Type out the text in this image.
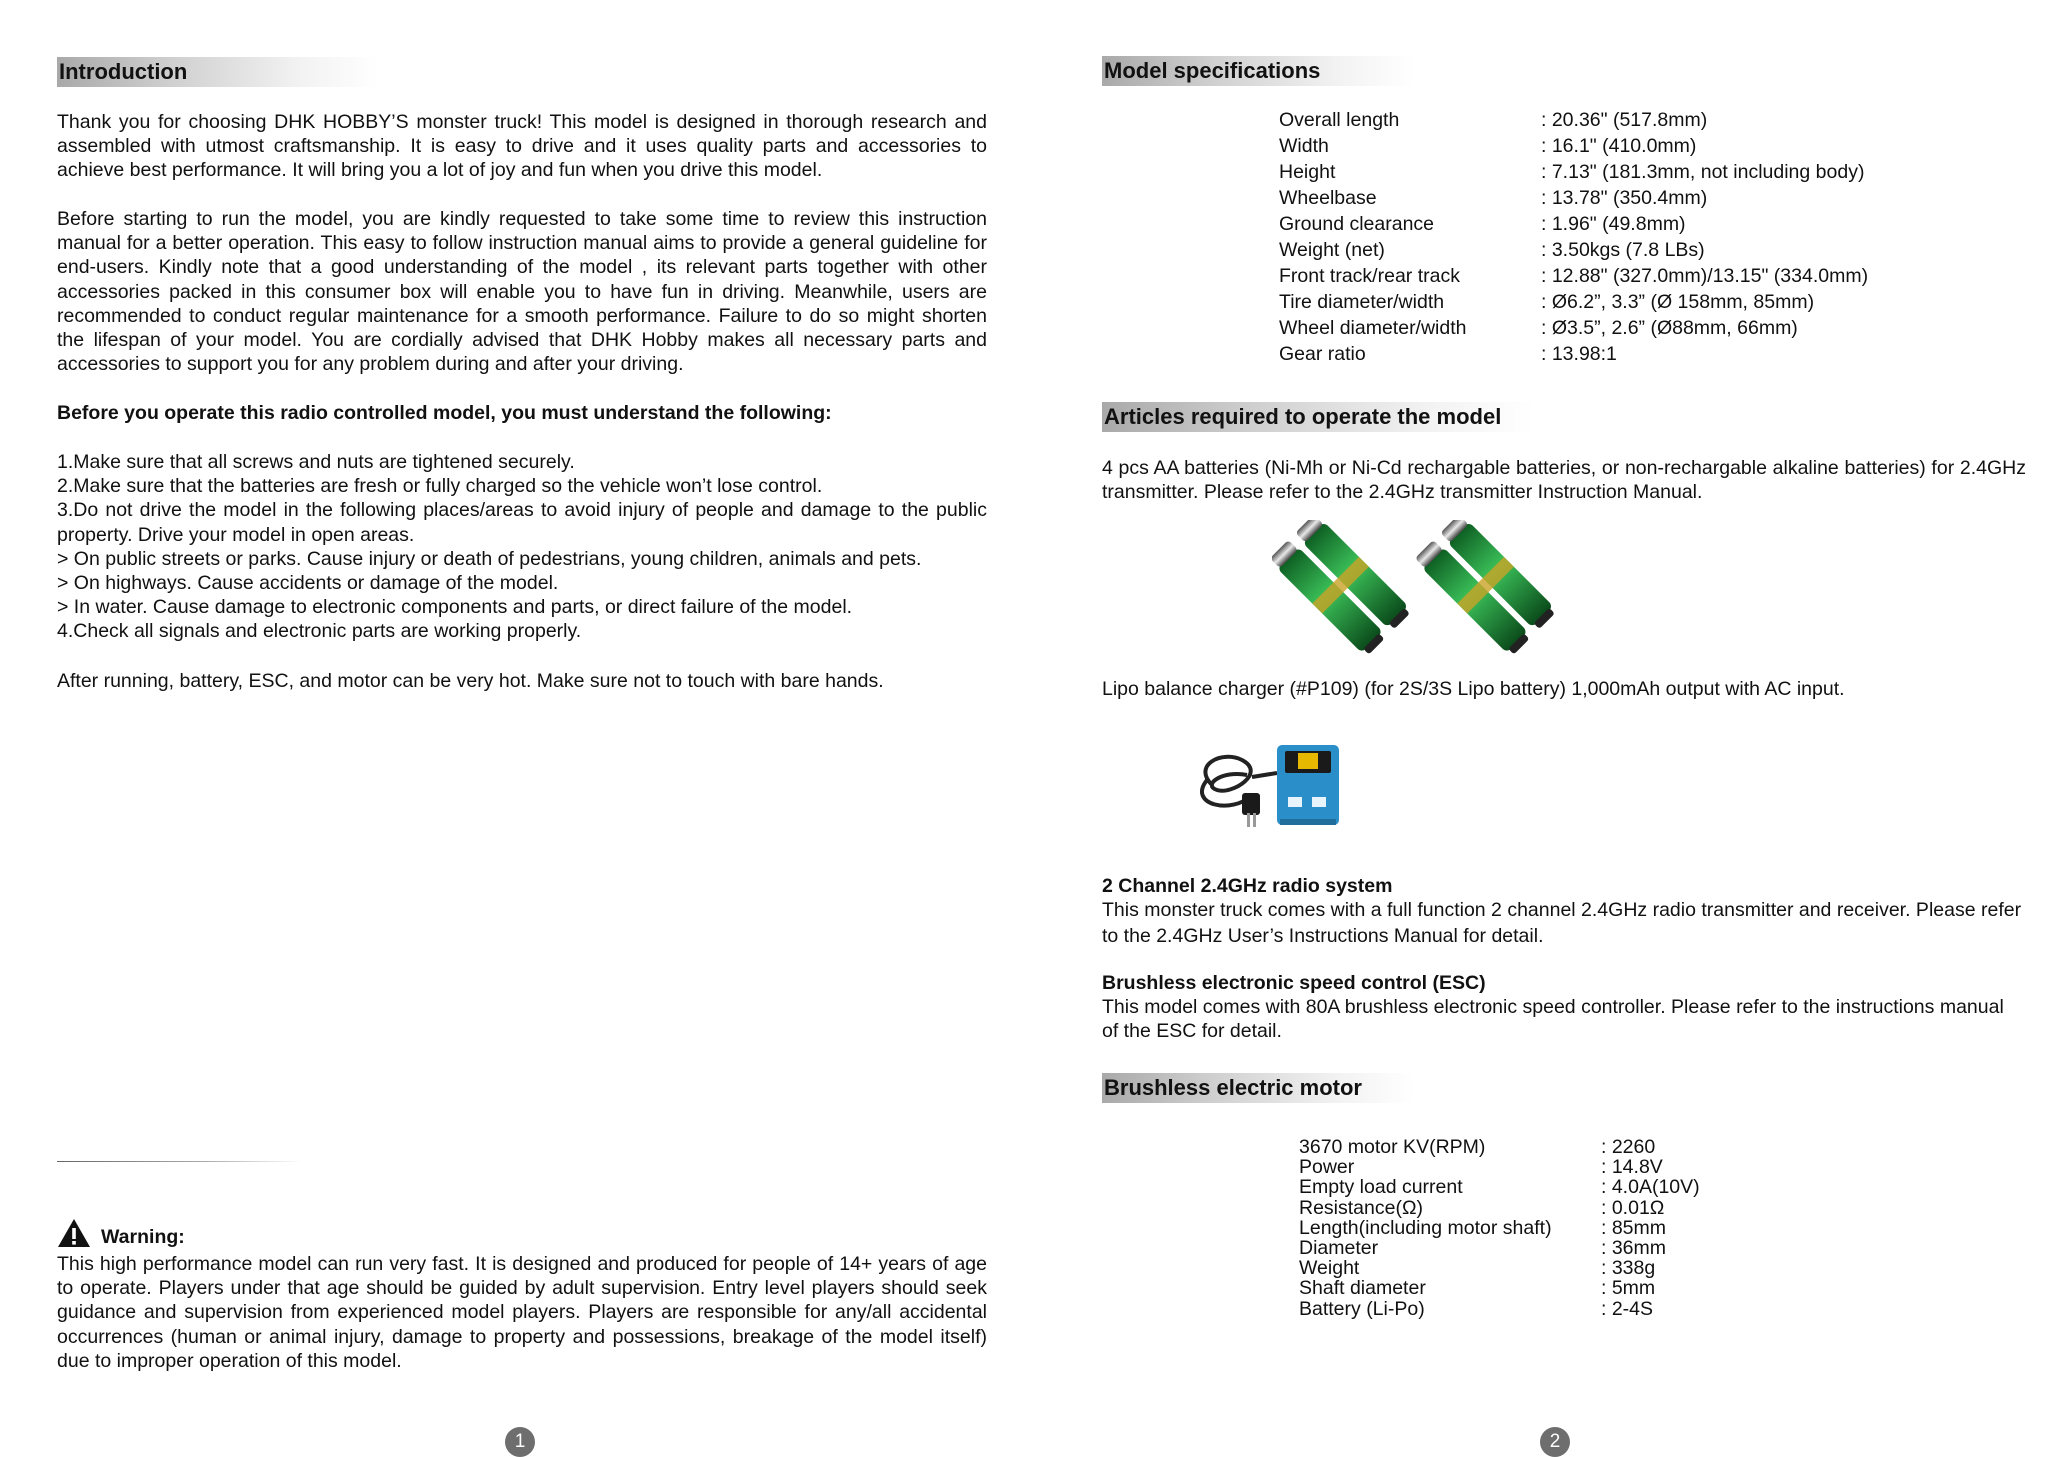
Introduction

Thank you for choosing DHK HOBBY’S monster truck! This model is designed in thorough research and assembled with utmost craftsmanship. It is easy to drive and it uses quality parts and accessories to achieve best performance. It will bring you a lot of joy and fun when you drive this model.

Before starting to run the model, you are kindly requested to take some time to review this instruction manual for a better operation. This easy to follow instruction manual aims to provide a general guideline for end-users. Kindly note that a good understanding of the model , its relevant parts together with other accessories packed in this consumer box will enable you to have fun in driving. Meanwhile, users are recommended to conduct regular maintenance for a smooth performance. Failure to do so might shorten the lifespan of your model. You are cordially advised that DHK Hobby makes all necessary parts and accessories to support you for any problem during and after your driving.

Before you operate this radio controlled model, you must understand the following:

1.Make sure that all screws and nuts are tightened securely.
2.Make sure that the batteries are fresh or fully charged so the vehicle won’t lose control.
3.Do not drive the model in the following places/areas to avoid injury of people and damage to the public property. Drive your model in open areas.
> On public streets or parks. Cause injury or death of pedestrians, young children, animals and pets.
> On highways. Cause accidents or damage of the model.
> In water. Cause damage to electronic components and parts, or direct failure of the model.
4.Check all signals and electronic parts are working properly.

After running, battery, ESC, and motor can be very hot. Make sure not to touch with bare hands.

Warning:

This high performance model can run very fast. It is designed and produced for people of 14+ years of age to operate. Players under that age should be guided by adult supervision. Entry level players should seek guidance and supervision from experienced model players. Players are responsible for any/all accidental occurrences (human or animal injury, damage to property and possessions, breakage of the model itself) due to improper operation of this model.

1
Model specifications
Overall length	: 20.36" (517.8mm)
Width	: 16.1" (410.0mm)
Height	: 7.13" (181.3mm, not including body)
Wheelbase	: 13.78" (350.4mm)
Ground clearance	: 1.96" (49.8mm)
Weight (net)	: 3.50kgs (7.8 LBs)
Front track/rear track	: 12.88" (327.0mm)/13.15" (334.0mm)
Tire diameter/width	: Ø6.2”, 3.3” (Ø 158mm, 85mm)
Wheel diameter/width	: Ø3.5”, 2.6” (Ø88mm, 66mm)
Gear ratio	: 13.98:1
Articles required to operate the model

4 pcs AA batteries (Ni-Mh or Ni-Cd rechargable batteries, or non-rechargable alkaline batteries) for 2.4GHz transmitter. Please refer to the 2.4GHz transmitter Instruction Manual.

Lipo balance charger (#P109) (for 2S/3S Lipo battery) 1,000mAh output with AC input.

2 Channel 2.4GHz radio system

This monster truck comes with a full function 2 channel 2.4GHz radio transmitter and receiver. Please refer to the 2.4GHz User’s Instructions Manual for detail.

Brushless electronic speed control (ESC)

This model comes with 80A brushless electronic speed controller. Please refer to the instructions manual of the ESC for detail.

Brushless electric motor
3670 motor KV(RPM)	: 2260
Power	: 14.8V
Empty load current	: 4.0A(10V)
Resistance(Ω)	: 0.01Ω
Length(including motor shaft)	: 85mm
Diameter	: 36mm
Weight	: 338g
Shaft diameter	: 5mm
Battery (Li-Po)	: 2-4S
2
